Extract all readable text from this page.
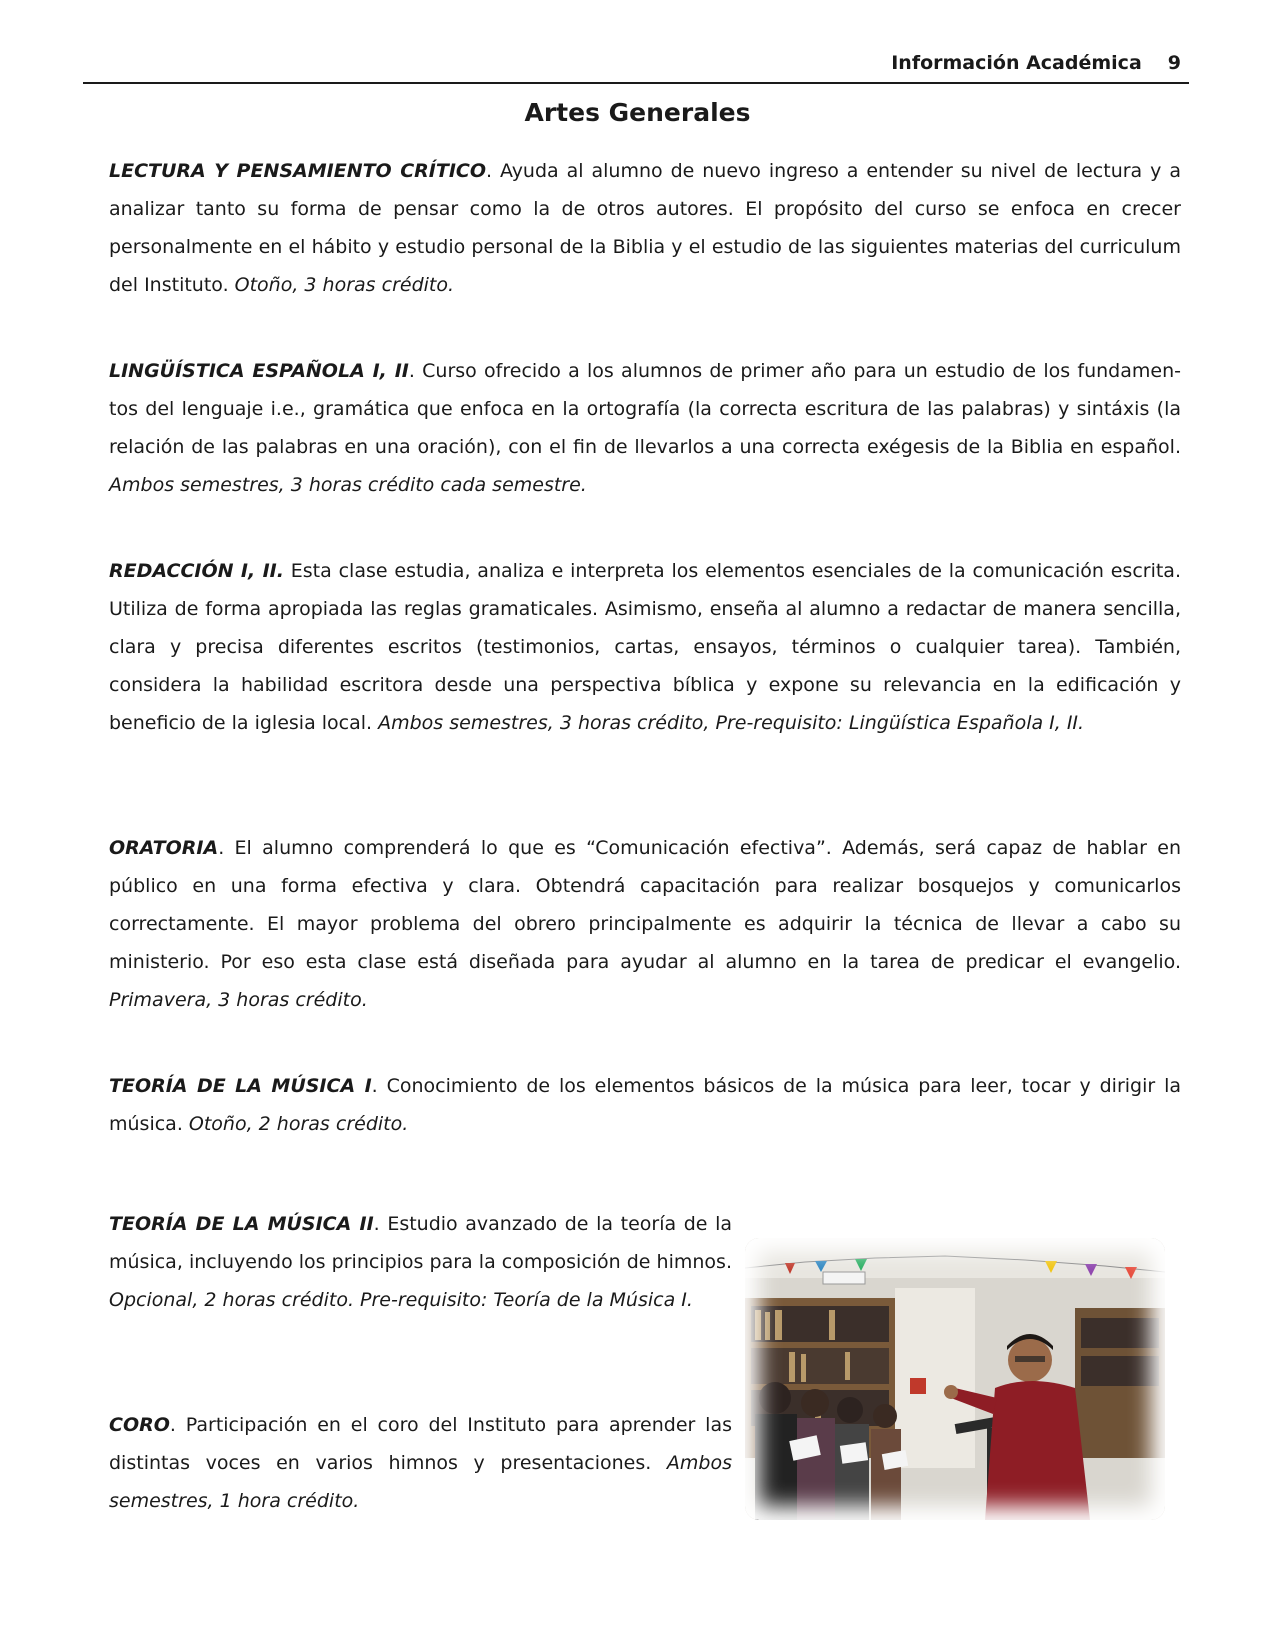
Información Académica 9
Artes Generales
LECTURA Y PENSAMIENTO CRÍTICO. Ayuda al alumno de nuevo ingreso a entender su nivel de lectura y a analizar tanto su forma de pensar como la de otros autores. El propósito del curso se enfoca en crecer personalmente en el hábito y estudio personal de la Biblia y el estudio de las siguientes materias del curriculum del Instituto. Otoño, 3 horas crédito.
LINGÜÍSTICA ESPAÑOLA I, II. Curso ofrecido a los alumnos de primer año para un estudio de los fundamentos del lenguaje i.e., gramática que enfoca en la ortografía (la correcta escritura de las palabras) y sintáxis (la relación de las palabras en una oración), con el fin de llevarlos a una correcta exégesis de la Biblia en español. Ambos semestres, 3 horas crédito cada semestre.
REDACCIÓN I, II. Esta clase estudia, analiza e interpreta los elementos esenciales de la comunicación escrita. Utiliza de forma apropiada las reglas gramaticales. Asimismo, enseña al alumno a redactar de manera sencilla, clara y precisa diferentes escritos (testimonios, cartas, ensayos, términos o cualquier tarea). También, considera la habilidad escritora desde una perspectiva bíblica y expone su relevancia en la edificación y beneficio de la iglesia local. Ambos semestres, 3 horas crédito, Pre-requisito: Lingüística Española I, II.
ORATORIA. El alumno comprenderá lo que es “Comunicación efectiva”. Además, será capaz de hablar en público en una forma efectiva y clara. Obtendrá capacitación para realizar bosquejos y comunicarlos correctamente. El mayor problema del obrero principalmente es adquirir la técnica de llevar a cabo su ministerio. Por eso esta clase está diseñada para ayudar al alumno en la tarea de predicar el evangelio. Primavera, 3 horas crédito.
TEORÍA DE LA MÚSICA I. Conocimiento de los elementos básicos de la música para leer, tocar y dirigir la música. Otoño, 2 horas crédito.
TEORÍA DE LA MÚSICA II. Estudio avanzado de la teoría de la música, incluyendo los principios para la composición de himnos. Opcional, 2 horas crédito. Pre-requisito: Teoría de la Música I.
CORO. Participación en el coro del Instituto para aprender las distintas voces en varios himnos y presentaciones. Ambos semestres, 1 hora crédito.
